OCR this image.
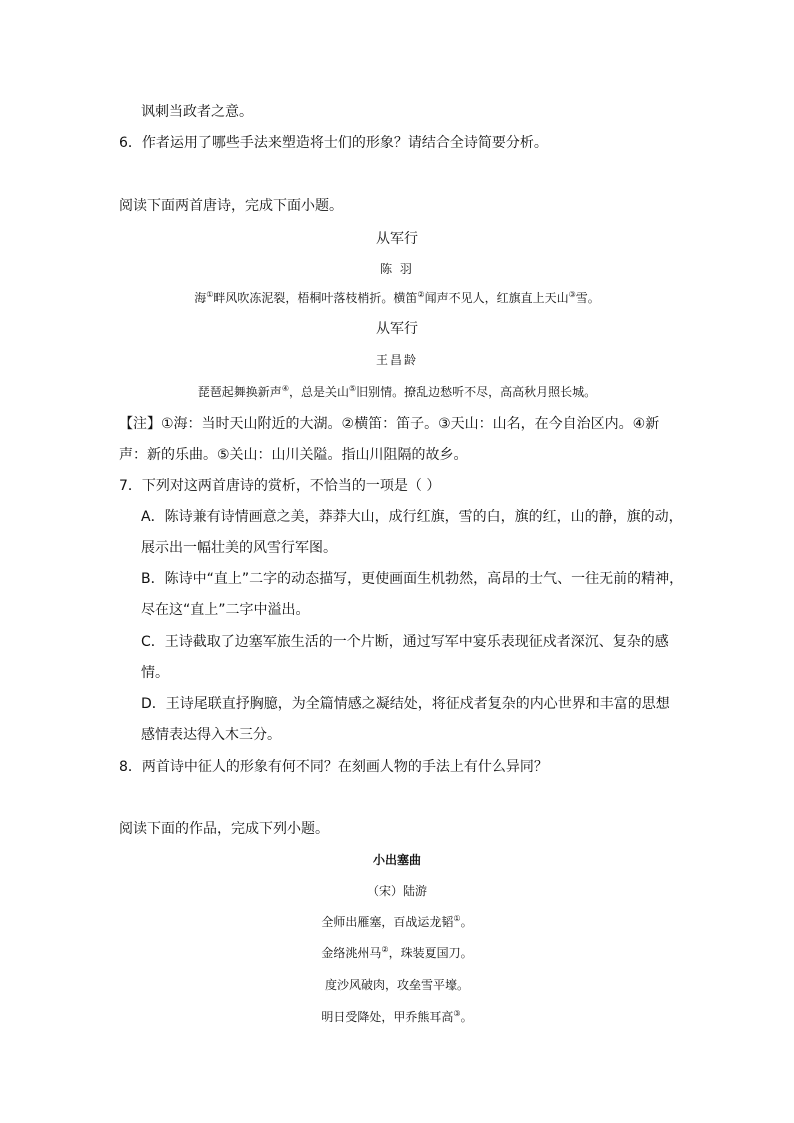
讽刺当政者之意。
6．作者运用了哪些手法来塑造将士们的形象？请结合全诗简要分析。
阅读下面两首唐诗，完成下面小题。
从军行
陈 羽
海①畔风吹冻泥裂，梧桐叶落枝梢折。横笛②闻声不见人，红旗直上天山③雪。
从军行
王昌龄
琵琶起舞换新声④，总是关山⑤旧别情。撩乱边愁听不尽，高高秋月照长城。
【注】①海：当时天山附近的大湖。②横笛：笛子。③天山：山名，在今自治区内。④新
声：新的乐曲。⑤关山：山川关隘。指山川阻隔的故乡。
7．下列对这两首唐诗的赏析，不恰当的一项是（ ）
A．陈诗兼有诗情画意之美，莽莽大山，成行红旗，雪的白，旗的红，山的静，旗的动，
展示出一幅壮美的风雪行军图。
B．陈诗中“直上”二字的动态描写，更使画面生机勃然，高昂的士气、一往无前的精神，
尽在这“直上”二字中溢出。
C．王诗截取了边塞军旅生活的一个片断，通过写军中宴乐表现征戍者深沉、复杂的感
情。
D．王诗尾联直抒胸臆，为全篇情感之凝结处，将征戍者复杂的内心世界和丰富的思想
感情表达得入木三分。
8．两首诗中征人的形象有何不同？在刻画人物的手法上有什么异同？
阅读下面的作品，完成下列小题。
小出塞曲
（宋）陆游
全师出雁塞，百战运龙韬①。
金络洮州马②，珠装夏国刀。
度沙风破肉，攻垒雪平壕。
明日受降处，甲乔熊耳高③。
